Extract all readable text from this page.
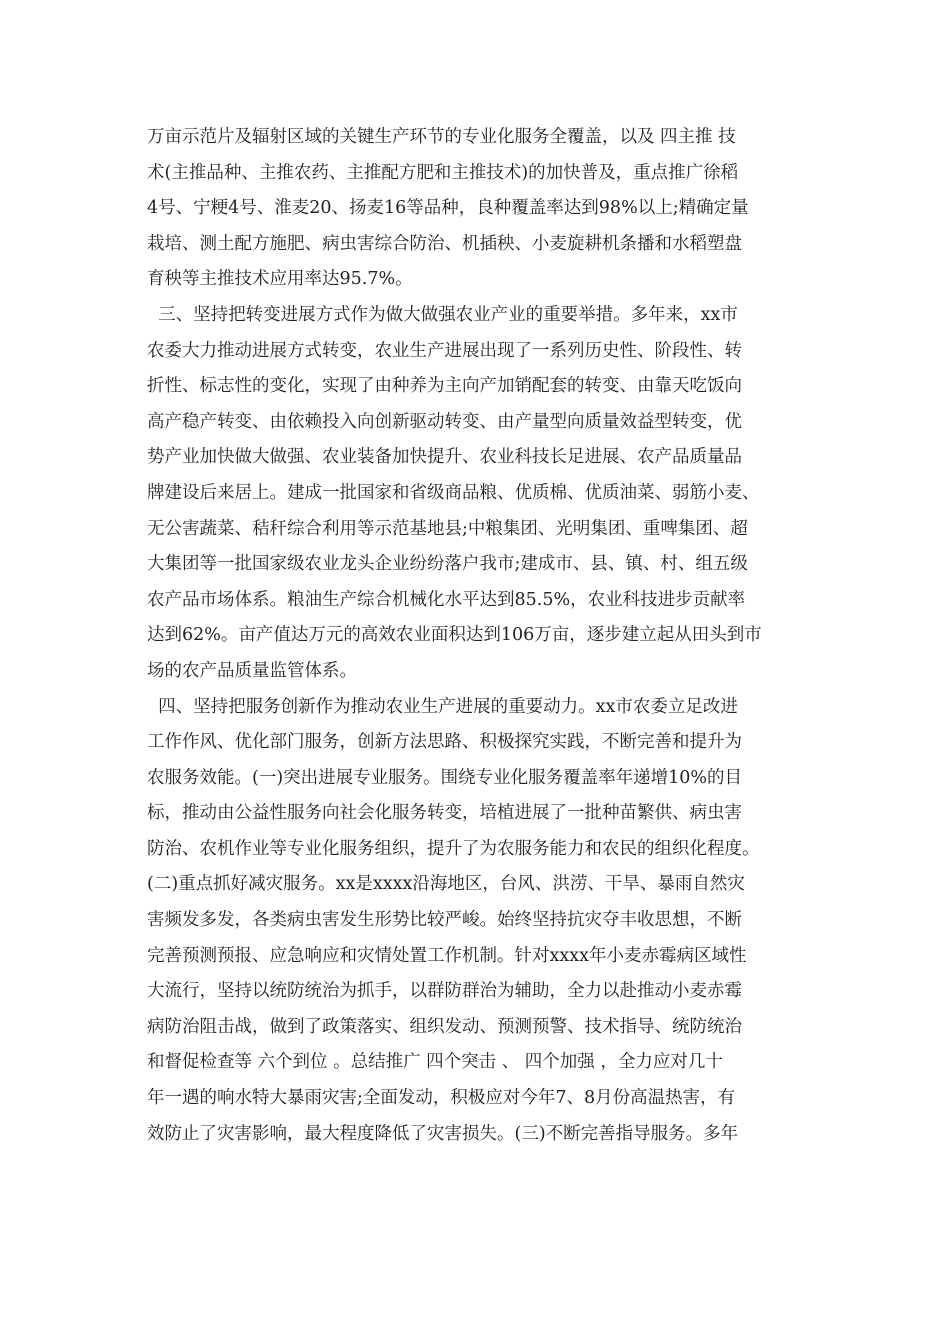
万亩示范片及辐射区域的关键生产环节的专业化服务全覆盖，以及 四主推 技
术(主推品种、主推农药、主推配方肥和主推技术)的加快普及，重点推广徐稻
4号、宁粳4号、淮麦20、扬麦16等品种，良种覆盖率达到98%以上;精确定量
栽培、测土配方施肥、病虫害综合防治、机插秧、小麦旋耕机条播和水稻塑盘
育秧等主推技术应用率达95.7%。
三、坚持把转变进展方式作为做大做强农业产业的重要举措。多年来，xx市
农委大力推动进展方式转变，农业生产进展出现了一系列历史性、阶段性、转
折性、标志性的变化，实现了由种养为主向产加销配套的转变、由靠天吃饭向
高产稳产转变、由依赖投入向创新驱动转变、由产量型向质量效益型转变，优
势产业加快做大做强、农业装备加快提升、农业科技长足进展、农产品质量品
牌建设后来居上。建成一批国家和省级商品粮、优质棉、优质油菜、弱筋小麦、
无公害蔬菜、秸秆综合利用等示范基地县;中粮集团、光明集团、重啤集团、超
大集团等一批国家级农业龙头企业纷纷落户我市;建成市、县、镇、村、组五级
农产品市场体系。粮油生产综合机械化水平达到85.5%，农业科技进步贡献率
达到62%。亩产值达万元的高效农业面积达到106万亩，逐步建立起从田头到市
场的农产品质量监管体系。
四、坚持把服务创新作为推动农业生产进展的重要动力。xx市农委立足改进
工作作风、优化部门服务，创新方法思路、积极探究实践，不断完善和提升为
农服务效能。(一)突出进展专业服务。围绕专业化服务覆盖率年递增10%的目
标，推动由公益性服务向社会化服务转变，培植进展了一批种苗繁供、病虫害
防治、农机作业等专业化服务组织，提升了为农服务能力和农民的组织化程度。
(二)重点抓好减灾服务。xx是xxxx沿海地区，台风、洪涝、干旱、暴雨自然灾
害频发多发，各类病虫害发生形势比较严峻。始终坚持抗灾夺丰收思想，不断
完善预测预报、应急响应和灾情处置工作机制。针对xxxx年小麦赤霉病区域性
大流行，坚持以统防统治为抓手，以群防群治为辅助，全力以赴推动小麦赤霉
病防治阻击战，做到了政策落实、组织发动、预测预警、技术指导、统防统治
和督促检查等 六个到位 。总结推广 四个突击 、 四个加强 ，全力应对几十
年一遇的响水特大暴雨灾害;全面发动，积极应对今年7、8月份高温热害，有
效防止了灾害影响，最大程度降低了灾害损失。(三)不断完善指导服务。多年
